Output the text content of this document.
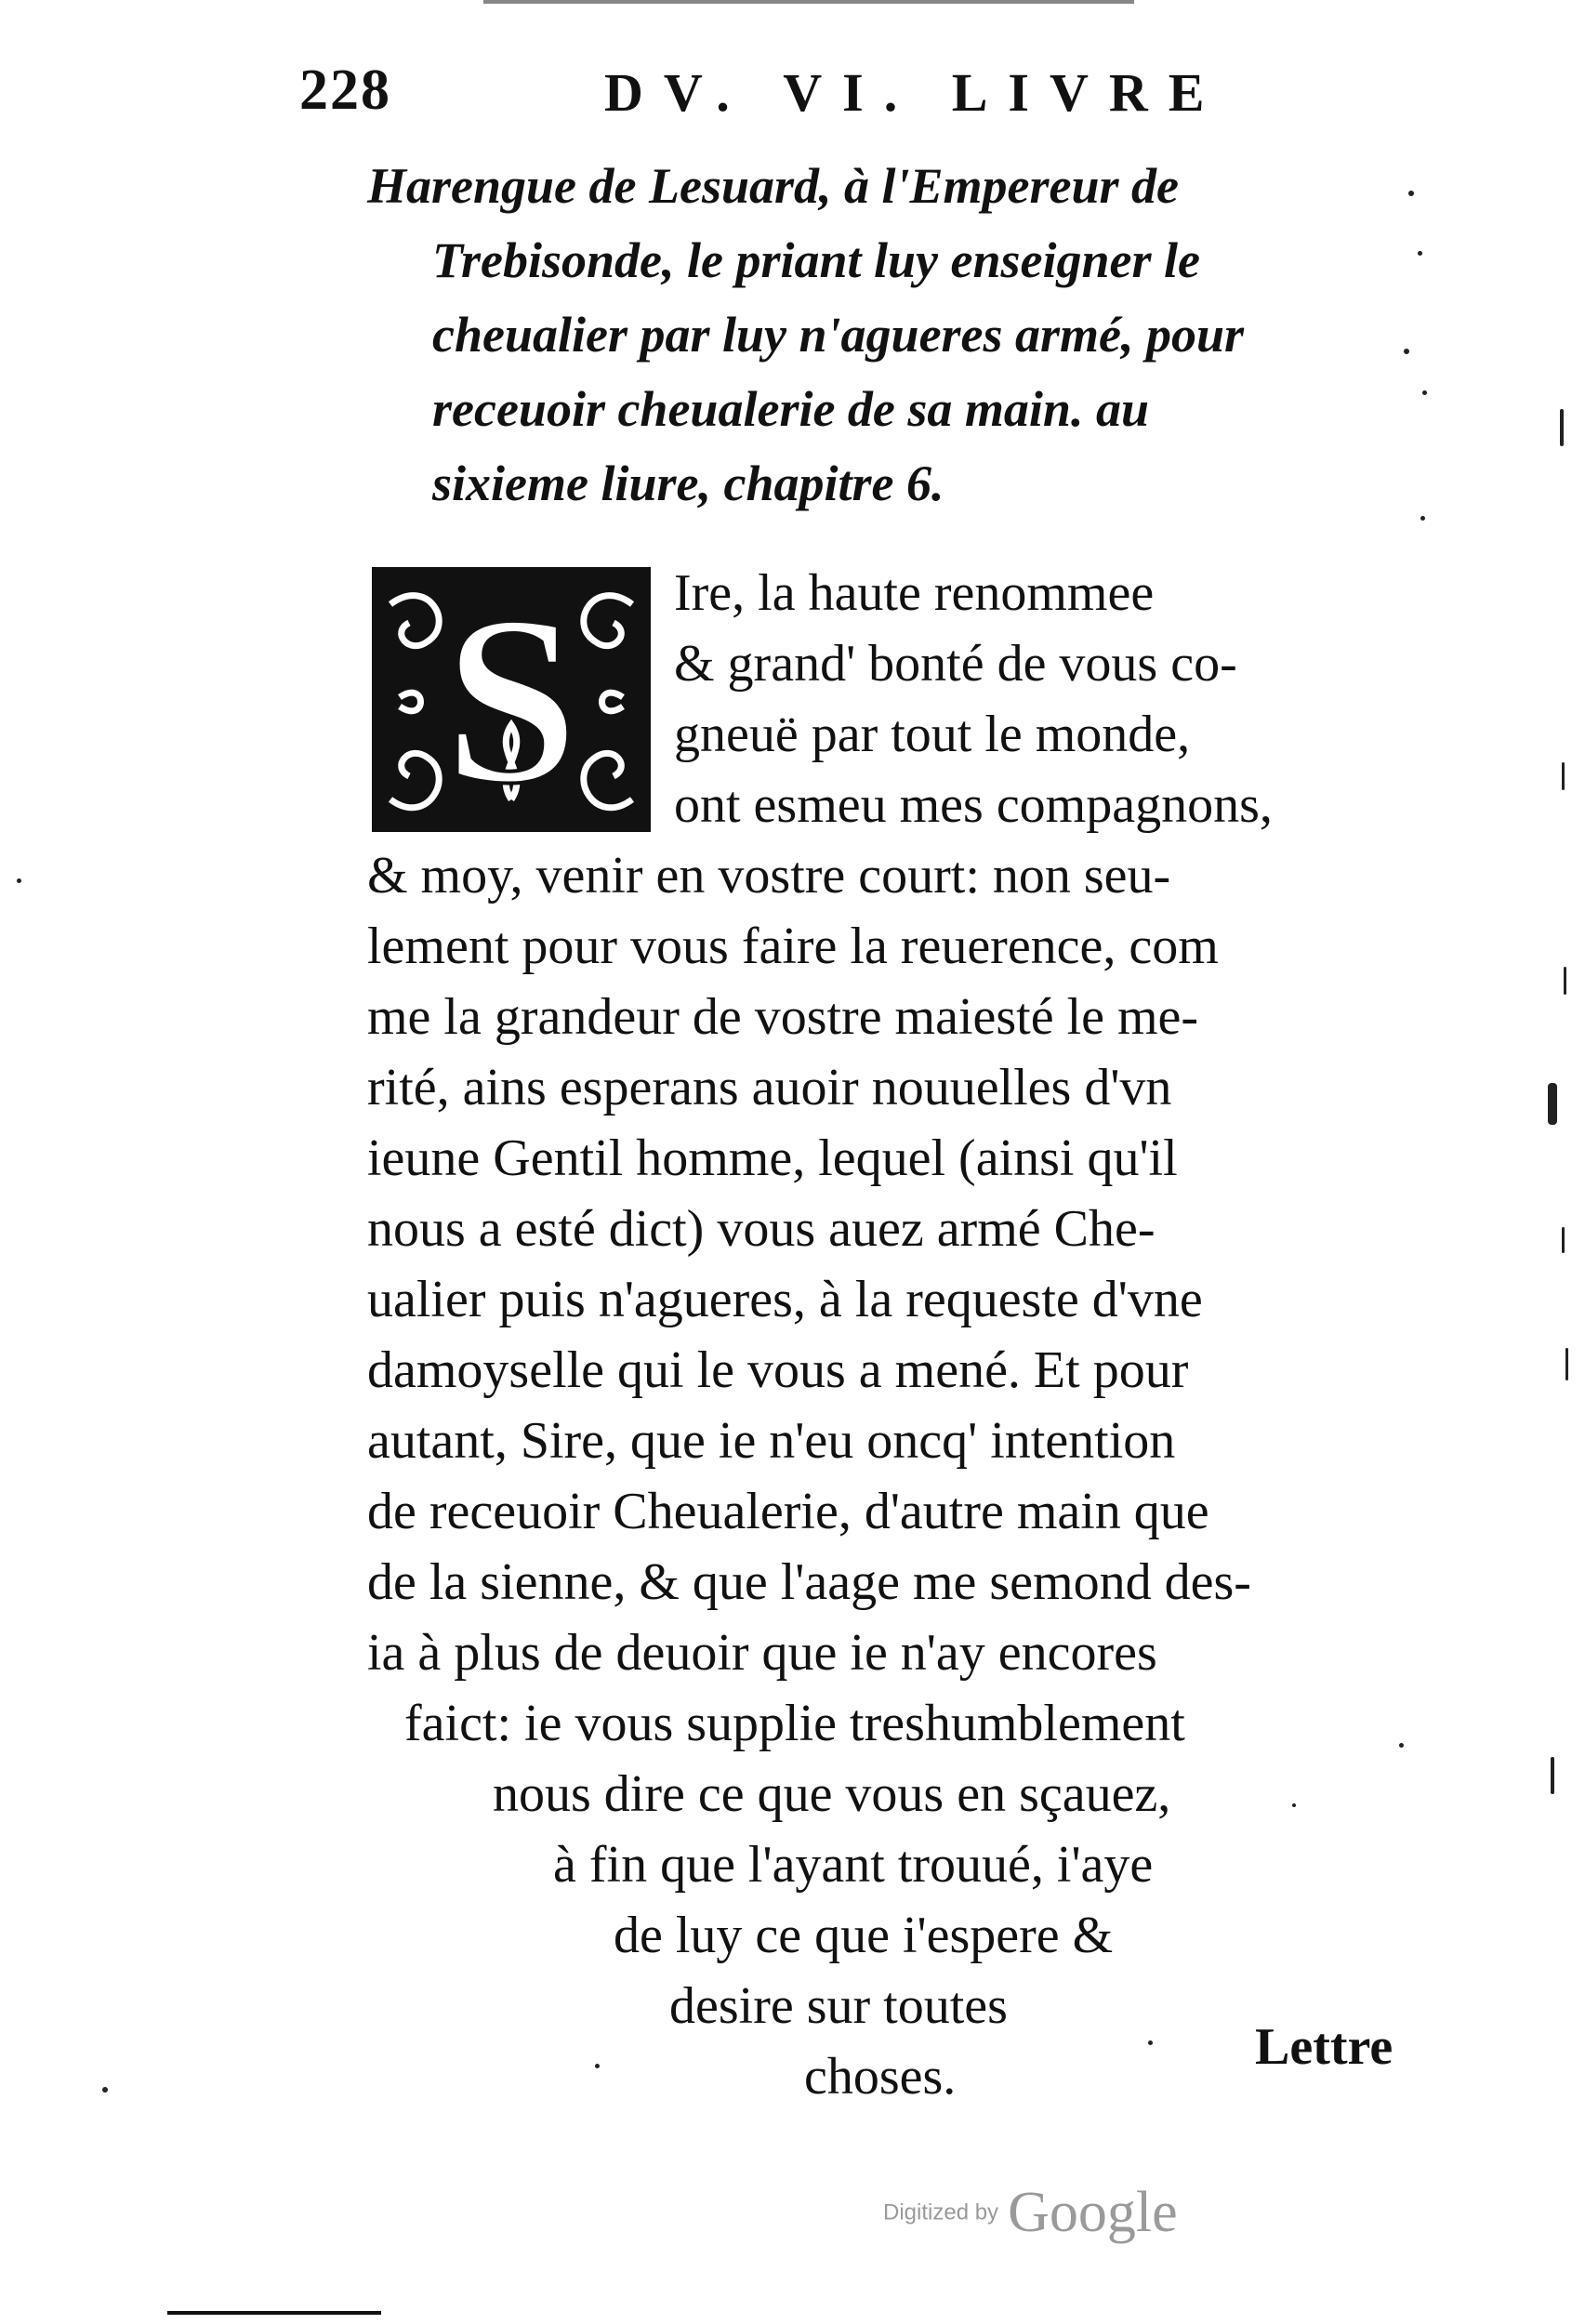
228	DV. VI. LIVRE
Harengue de Lesuard, à l'Empereur de
Trebisonde, le priant luy enseigner le
cheualier par luy n'agueres armé, pour
receuoir cheualerie de sa main. au
sixieme liure, chapitre 6.
S	Ire, la haute renommee
& grand' bonté de vous co-
gneuë par tout le monde,
ont esmeu mes compagnons,
& moy, venir en vostre court: non seu-
lement pour vous faire la reuerence, com
me la grandeur de vostre maiesté le me-
rité, ains esperans auoir nouuelles d'vn
ieune Gentil homme, lequel (ainsi qu'il
nous a esté dict) vous auez armé Che-
ualier puis n'agueres, à la requeste d'vne
damoyselle qui le vous a mené. Et pour
autant, Sire, que ie n'eu oncq' intention
de receuoir Cheualerie, d'autre main que
de la sienne, & que l'aage me semond des-
ia à plus de deuoir que ie n'ay encores
faict: ie vous supplie treshumblement
nous dire ce que vous en sçauez,
à fin que l'ayant trouué, i'aye
de luy ce que i'espere &
desire sur toutes
choses.
Lettre
Digitized by Google
